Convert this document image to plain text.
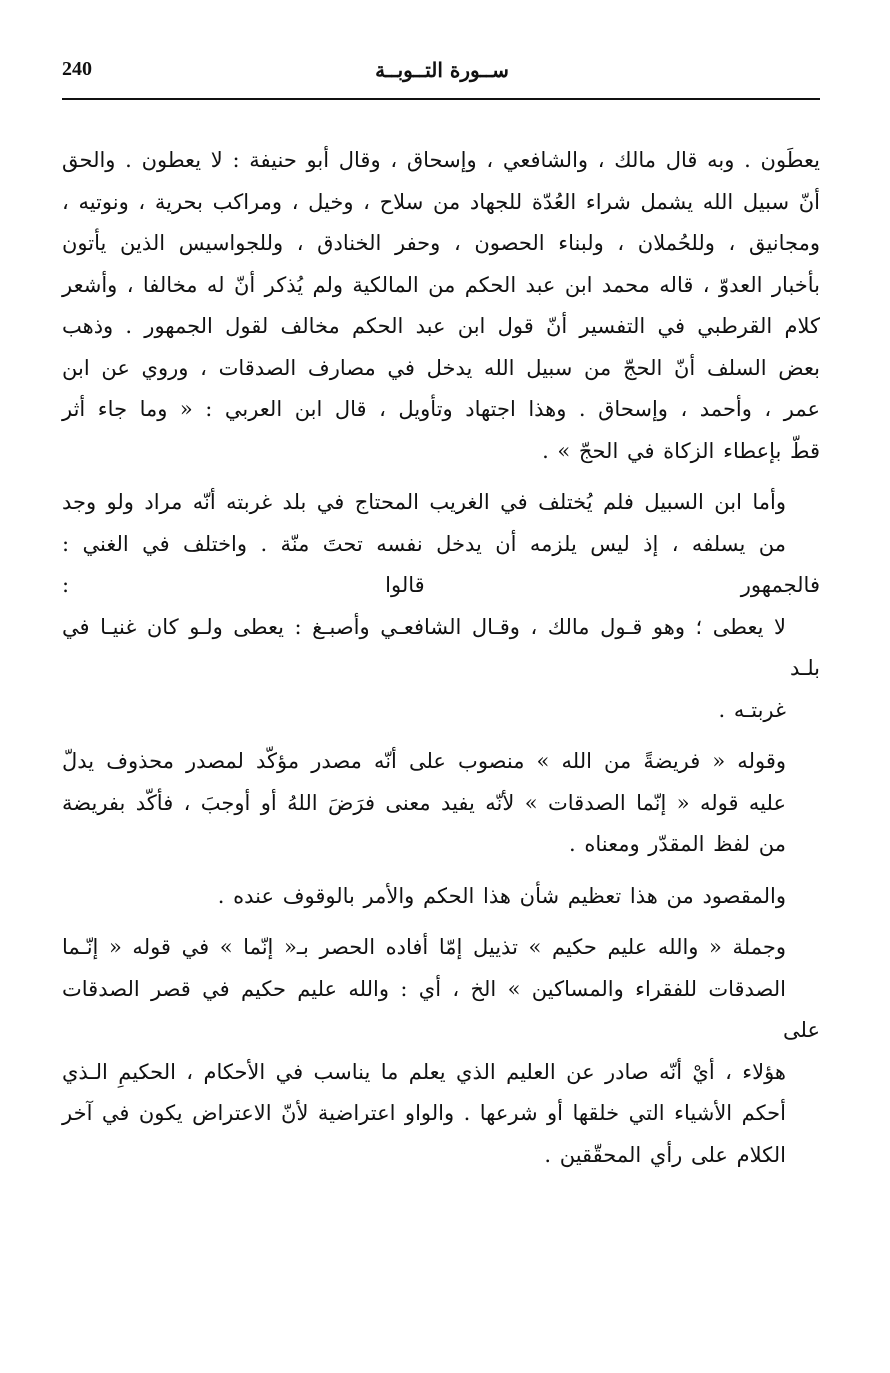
240	ســورة التــوبــة
يعطَون . وبه قال مالك ، والشافعي ، وإسحاق ، وقال أبو حنيفة : لا يعطون . والحق
أنّ سبيل الله يشمل شراء العُدّة للجهاد من سلاح ، وخيل ، ومراكب بحرية ، ونوتيه ،
ومجانيق ، وللحُملان ، ولبناء الحصون ، وحفر الخنادق ، وللجواسيس الذين يأتون
بأخبار العدوّ ، قاله محمد ابن عبد الحكم من المالكية ولم يُذكر أنّ له مخالفا ، وأشعر
كلام القرطبي في التفسير أنّ قول ابن عبد الحكم مخالف لقول الجمهور . وذهب
بعض السلف أنّ الحجّ من سبيل الله يدخل في مصارف الصدقات ، وروي عن ابن
عمر ، وأحمد ، وإسحاق . وهذا اجتهاد وتأويل ، قال ابن العربي : « وما جاء أثر
قطّ بإعطاء الزكاة في الحجّ » .
وأما ابن السبيل فلم يُختلف في الغريب المحتاج في بلد غربته أنّه مراد ولو وجد
من يسلفه ، إذ ليس يلزمه أن يدخل نفسه تحتَ منّة . واختلف في الغني : فالجمهور قالوا :
لا يعطى ؛ وهو قـول مالك ، وقـال الشافعـي وأصبـغ : يعطى ولـو كان غنيـا في بلـد
غربتـه .
وقوله « فريضةً من الله » منصوب على أنّه مصدر مؤكّد لمصدر محذوف يدلّ
عليه قوله « إنّما الصدقات » لأنّه يفيد معنى فرَضَ اللهُ أو أوجبَ ، فأكّد بفريضة
من لفظ المقدّر ومعناه .
والمقصود من هذا تعظيم شأن هذا الحكم والأمر بالوقوف عنده .
وجملة « والله عليم حكيم » تذييل إمّا أفاده الحصر بـ« إنّما » في قوله « إنّـما
الصدقات للفقراء والمساكين » الخ ، أي : والله عليم حكيم في قصر الصدقات على
هؤلاء ، أيْ أنّه صادر عن العليم الذي يعلم ما يناسب في الأحكام ، الحكيمِ الـذي
أحكم الأشياء التي خلقها أو شرعها . والواو اعتراضية لأنّ الاعتراض يكون في آخر
الكلام على رأي المحقّقين .
